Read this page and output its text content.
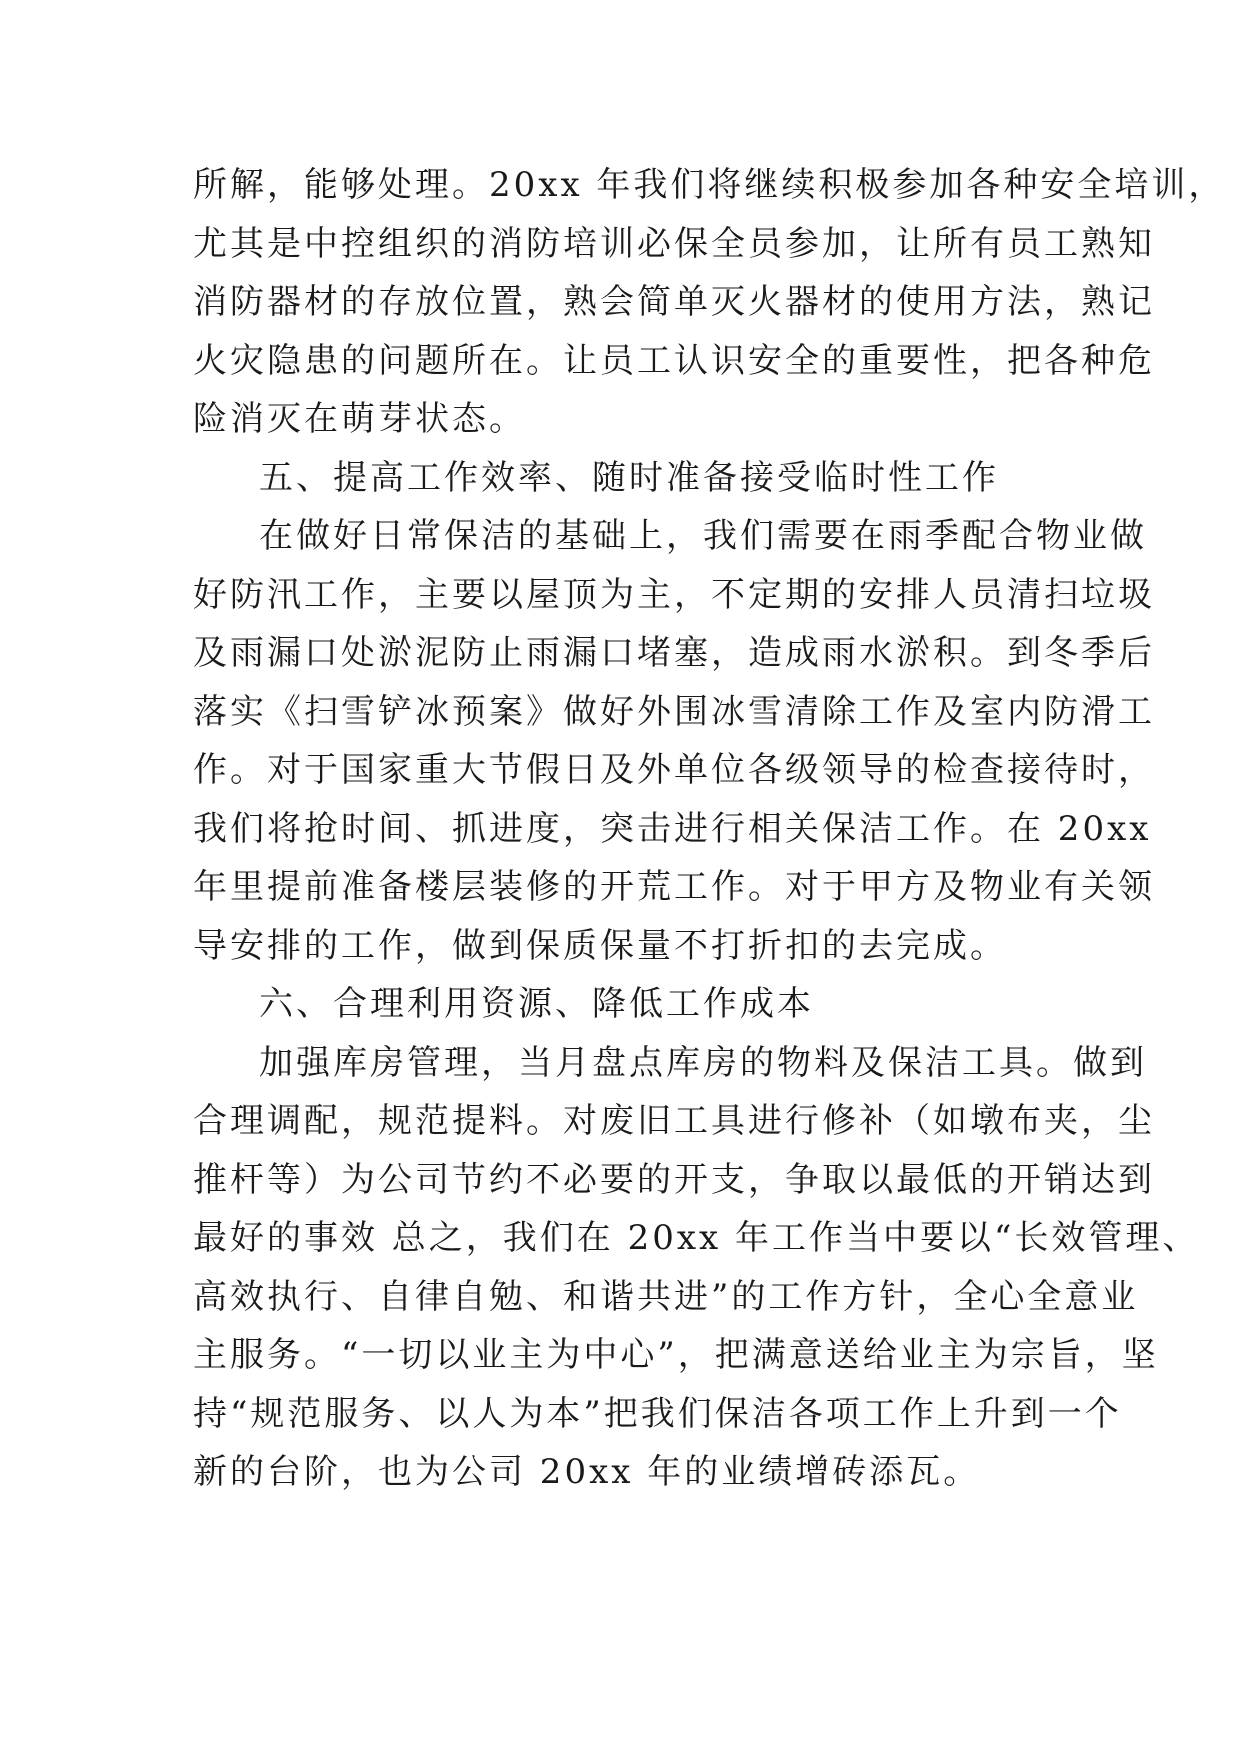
所解，能够处理。20xx 年我们将继续积极参加各种安全培训，
尤其是中控组织的消防培训必保全员参加，让所有员工熟知
消防器材的存放位置，熟会简单灭火器材的使用方法，熟记
火灾隐患的问题所在。让员工认识安全的重要性，把各种危
险消灭在萌芽状态。
五、提高工作效率、随时准备接受临时性工作
在做好日常保洁的基础上，我们需要在雨季配合物业做
好防汛工作，主要以屋顶为主，不定期的安排人员清扫垃圾
及雨漏口处淤泥防止雨漏口堵塞，造成雨水淤积。到冬季后
落实《扫雪铲冰预案》做好外围冰雪清除工作及室内防滑工
作。对于国家重大节假日及外单位各级领导的检查接待时，
我们将抢时间、抓进度，突击进行相关保洁工作。在 20xx
年里提前准备楼层装修的开荒工作。对于甲方及物业有关领
导安排的工作，做到保质保量不打折扣的去完成。
六、合理利用资源、降低工作成本
加强库房管理，当月盘点库房的物料及保洁工具。做到
合理调配，规范提料。对废旧工具进行修补（如墩布夹，尘
推杆等）为公司节约不必要的开支，争取以最低的开销达到
最好的事效 总之，我们在 20xx 年工作当中要以“长效管理、
高效执行、自律自勉、和谐共进”的工作方针，全心全意业
主服务。“一切以业主为中心”，把满意送给业主为宗旨，坚
持“规范服务、以人为本”把我们保洁各项工作上升到一个
新的台阶，也为公司 20xx 年的业绩增砖添瓦。
